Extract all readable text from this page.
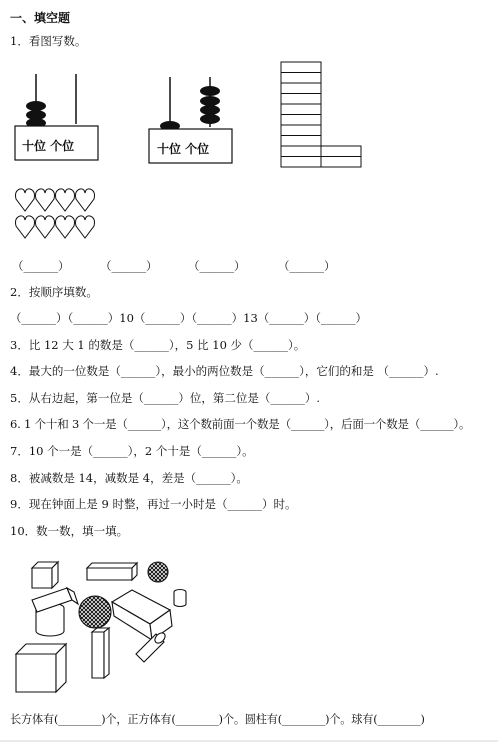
一、填空题
1．看图写数。
十位 个位	十位 个位
（______）	（______）	（______）	（______）
2．按顺序填数。
（______）（______）10（______）（______）13（______）（______）
3．比 12 大 1 的数是（______），5 比 10 少（______）。
4．最大的一位数是（______），最小的两位数是（______），它们的和是 （______）.
5．从右边起，第一位是（______）位，第二位是（______）.
6. 1 个十和 3 个一是（______），这个数前面一个数是（______），后面一个数是（______）。
7．10 个一是（______），2 个十是（______）。
8．被减数是 14，减数是 4，差是（______）。
9．现在钟面上是 9 时整，再过一小时是（______）时。
10．数一数，填一填。
长方体有(________)个，正方体有(________)个。圆柱有(________)个。球有(________)
